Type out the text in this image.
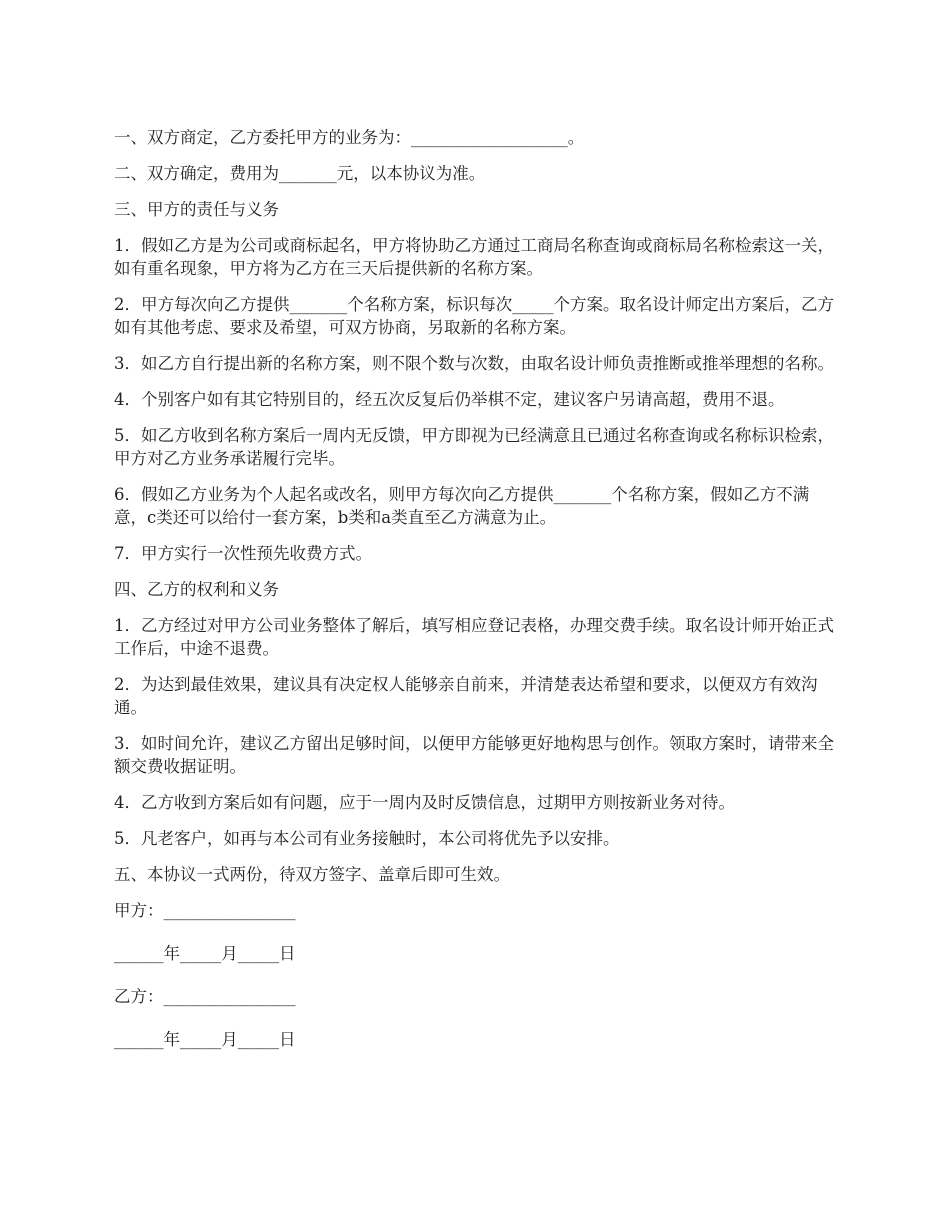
一、双方商定，乙方委托甲方的业务为：___________________。

二、双方确定，费用为_______元，以本协议为准。

三、甲方的责任与义务

1．假如乙方是为公司或商标起名，甲方将协助乙方通过工商局名称查询或商标局名称检索这一关，如有重名现象，甲方将为乙方在三天后提供新的名称方案。

2．甲方每次向乙方提供_______个名称方案，标识每次_____个方案。取名设计师定出方案后，乙方如有其他考虑、要求及希望，可双方协商，另取新的名称方案。

3．如乙方自行提出新的名称方案，则不限个数与次数，由取名设计师负责推断或推举理想的名称。

4．个别客户如有其它特别目的，经五次反复后仍举棋不定，建议客户另请高超，费用不退。

5．如乙方收到名称方案后一周内无反馈，甲方即视为已经满意且已通过名称查询或名称标识检索，甲方对乙方业务承诺履行完毕。

6．假如乙方业务为个人起名或改名，则甲方每次向乙方提供_______个名称方案，假如乙方不满意，c类还可以给付一套方案，b类和a类直至乙方满意为止。

7．甲方实行一次性预先收费方式。

四、乙方的权利和义务

1．乙方经过对甲方公司业务整体了解后，填写相应登记表格，办理交费手续。取名设计师开始正式工作后，中途不退费。

2．为达到最佳效果，建议具有决定权人能够亲自前来，并清楚表达希望和要求，以便双方有效沟通。

3．如时间允许，建议乙方留出足够时间，以便甲方能够更好地构思与创作。领取方案时，请带来全额交费收据证明。

4．乙方收到方案后如有问题，应于一周内及时反馈信息，过期甲方则按新业务对待。

5．凡老客户，如再与本公司有业务接触时，本公司将优先予以安排。

五、本协议一式两份，待双方签字、盖章后即可生效。

甲方：________________

______年_____月_____日

乙方：________________

______年_____月_____日
